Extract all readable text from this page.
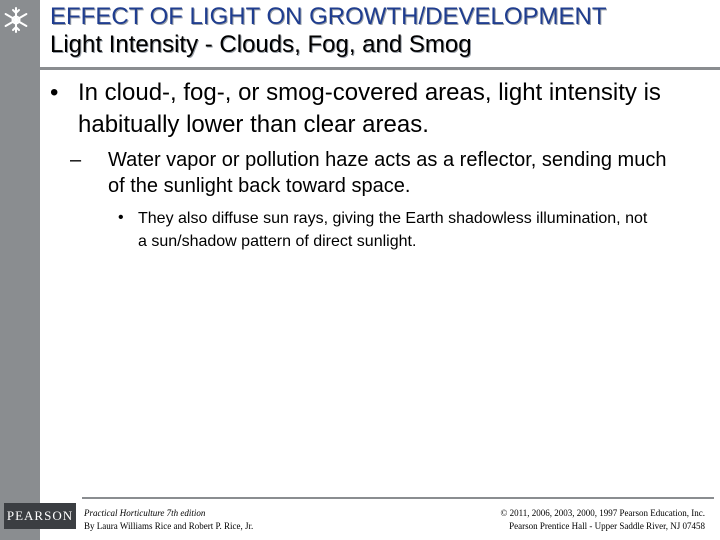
EFFECT OF LIGHT ON GROWTH/DEVELOPMENT
Light Intensity - Clouds, Fog, and Smog
• In cloud-, fog-, or smog-covered areas, light intensity is habitually lower than clear areas.
– Water vapor or pollution haze acts as a reflector, sending much of the sunlight back toward space.
• They also diffuse sun rays, giving the Earth shadowless illumination, not a sun/shadow pattern of direct sunlight.
PEARSON	Practical Horticulture 7th edition
By Laura Williams Rice and Robert P. Rice, Jr.
© 2011, 2006, 2003, 2000, 1997 Pearson Education, Inc.
Pearson Prentice Hall - Upper Saddle River, NJ 07458
